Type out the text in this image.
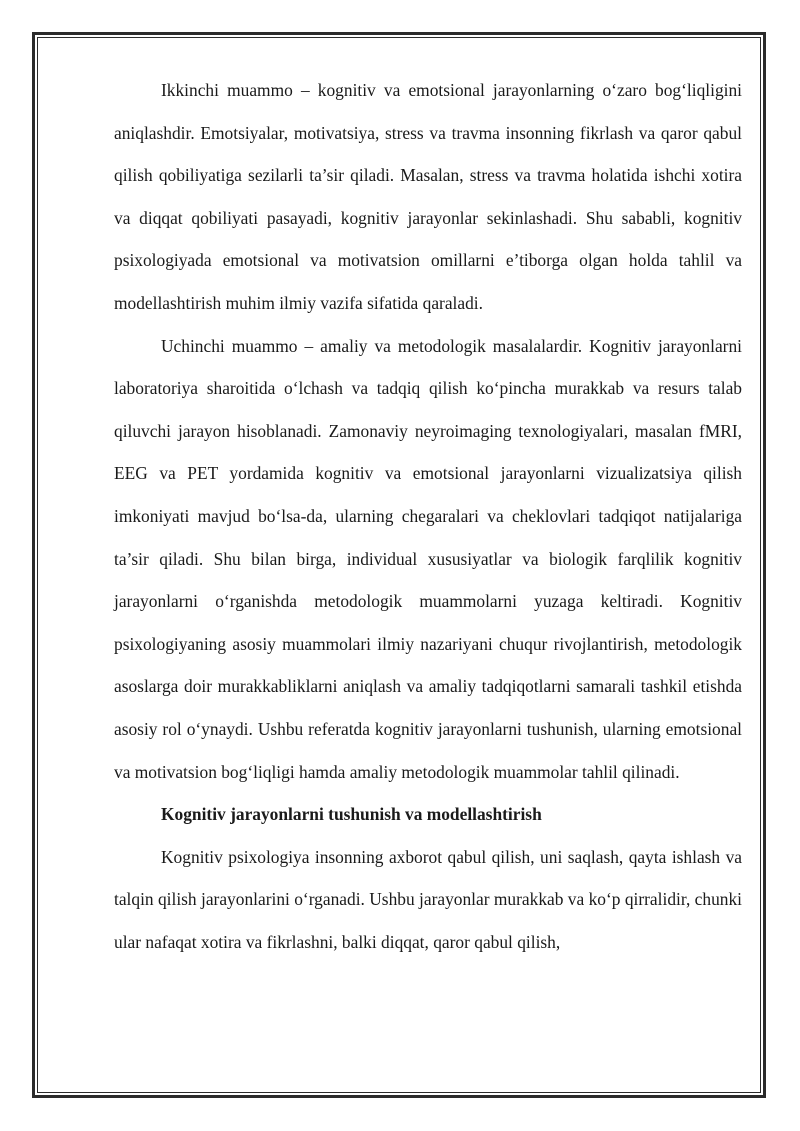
Ikkinchi muammo – kognitiv va emotsional jarayonlarning o‘zaro bog‘liqligini aniqlashdir. Emotsiyalar, motivatsiya, stress va travma insonning fikrlash va qaror qabul qilish qobiliyatiga sezilarli ta’sir qiladi. Masalan, stress va travma holatida ishchi xotira va diqqat qobiliyati pasayadi, kognitiv jarayonlar sekinlashadi. Shu sababli, kognitiv psixologiyada emotsional va motivatsion omillarni e’tiborga olgan holda tahlil va modellashtirish muhim ilmiy vazifa sifatida qaraladi.

Uchinchi muammo – amaliy va metodologik masalalardir. Kognitiv jarayonlarni laboratoriya sharoitida o‘lchash va tadqiq qilish ko‘pincha murakkab va resurs talab qiluvchi jarayon hisoblanadi. Zamonaviy neyroimaging texnologiyalari, masalan fMRI, EEG va PET yordamida kognitiv va emotsional jarayonlarni vizualizatsiya qilish imkoniyati mavjud bo‘lsa-da, ularning chegaralari va cheklovlari tadqiqot natijalariga ta’sir qiladi. Shu bilan birga, individual xususiyatlar va biologik farqlilik kognitiv jarayonlarni o‘rganishda metodologik muammolarni yuzaga keltiradi. Kognitiv psixologiyaning asosiy muammolari ilmiy nazariyani chuqur rivojlantirish, metodologik asoslarga doir murakkabliklarni aniqlash va amaliy tadqiqotlarni samarali tashkil etishda asosiy rol o‘ynaydi. Ushbu referatda kognitiv jarayonlarni tushunish, ularning emotsional va motivatsion bog‘liqligi hamda amaliy metodologik muammolar tahlil qilinadi.

Kognitiv jarayonlarni tushunish va modellashtirish

Kognitiv psixologiya insonning axborot qabul qilish, uni saqlash, qayta ishlash va talqin qilish jarayonlarini o‘rganadi. Ushbu jarayonlar murakkab va ko‘p qirralidir, chunki ular nafaqat xotira va fikrlashni, balki diqqat, qaror qabul qilish,
